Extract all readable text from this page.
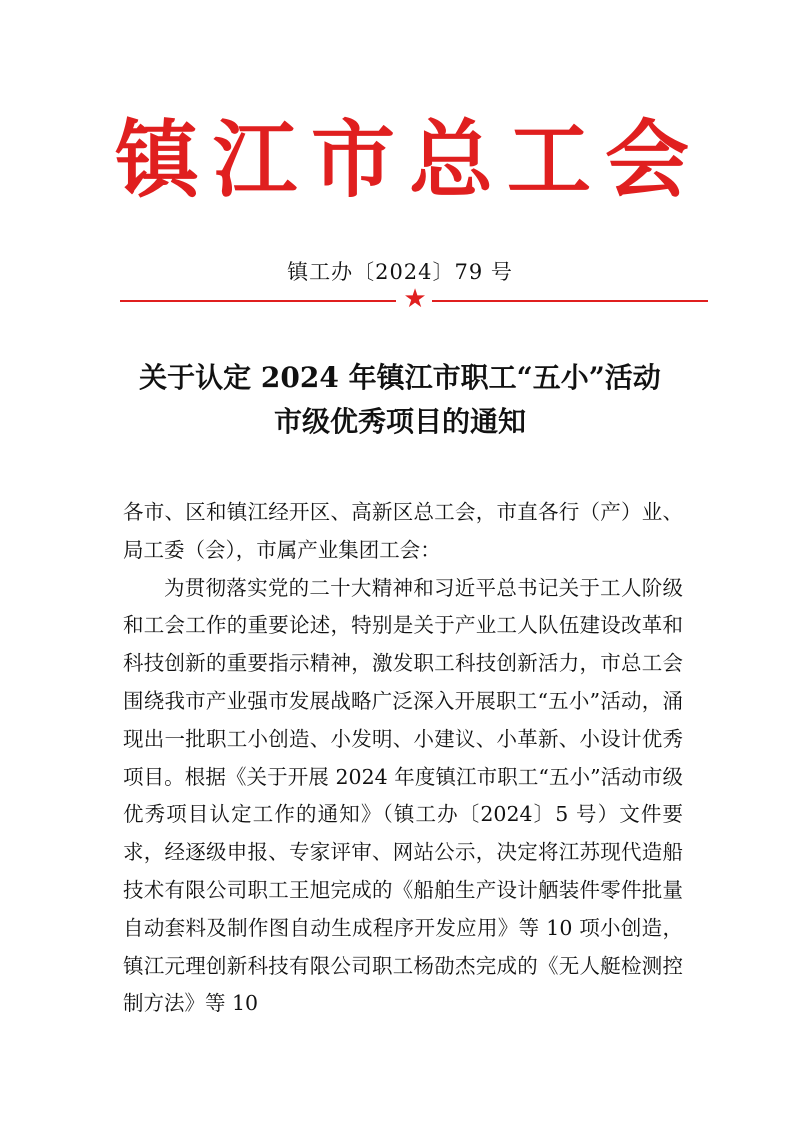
镇 江 市 总 工 会
镇工办〔2024〕79 号
★
关于认定 2024 年镇江市职工“五小”活动
市级优秀项目的通知

各市、区和镇江经开区、高新区总工会，市直各行（产）业、局工委（会），市属产业集团工会：

为贯彻落实党的二十大精神和习近平总书记关于工人阶级和工会工作的重要论述，特别是关于产业工人队伍建设改革和科技创新的重要指示精神，激发职工科技创新活力，市总工会围绕我市产业强市发展战略广泛深入开展职工“五小”活动，涌现出一批职工小创造、小发明、小建议、小革新、小设计优秀项目。根据《关于开展 2024 年度镇江市职工“五小”活动市级优秀项目认定工作的通知》（镇工办〔2024〕5 号）文件要求，经逐级申报、专家评审、网站公示，决定将江苏现代造船技术有限公司职工王旭完成的《船舶生产设计舾装件零件批量自动套料及制作图自动生成程序开发应用》等 10 项小创造，镇江元理创新科技有限公司职工杨劭杰完成的《无人艇检测控制方法》等 10
